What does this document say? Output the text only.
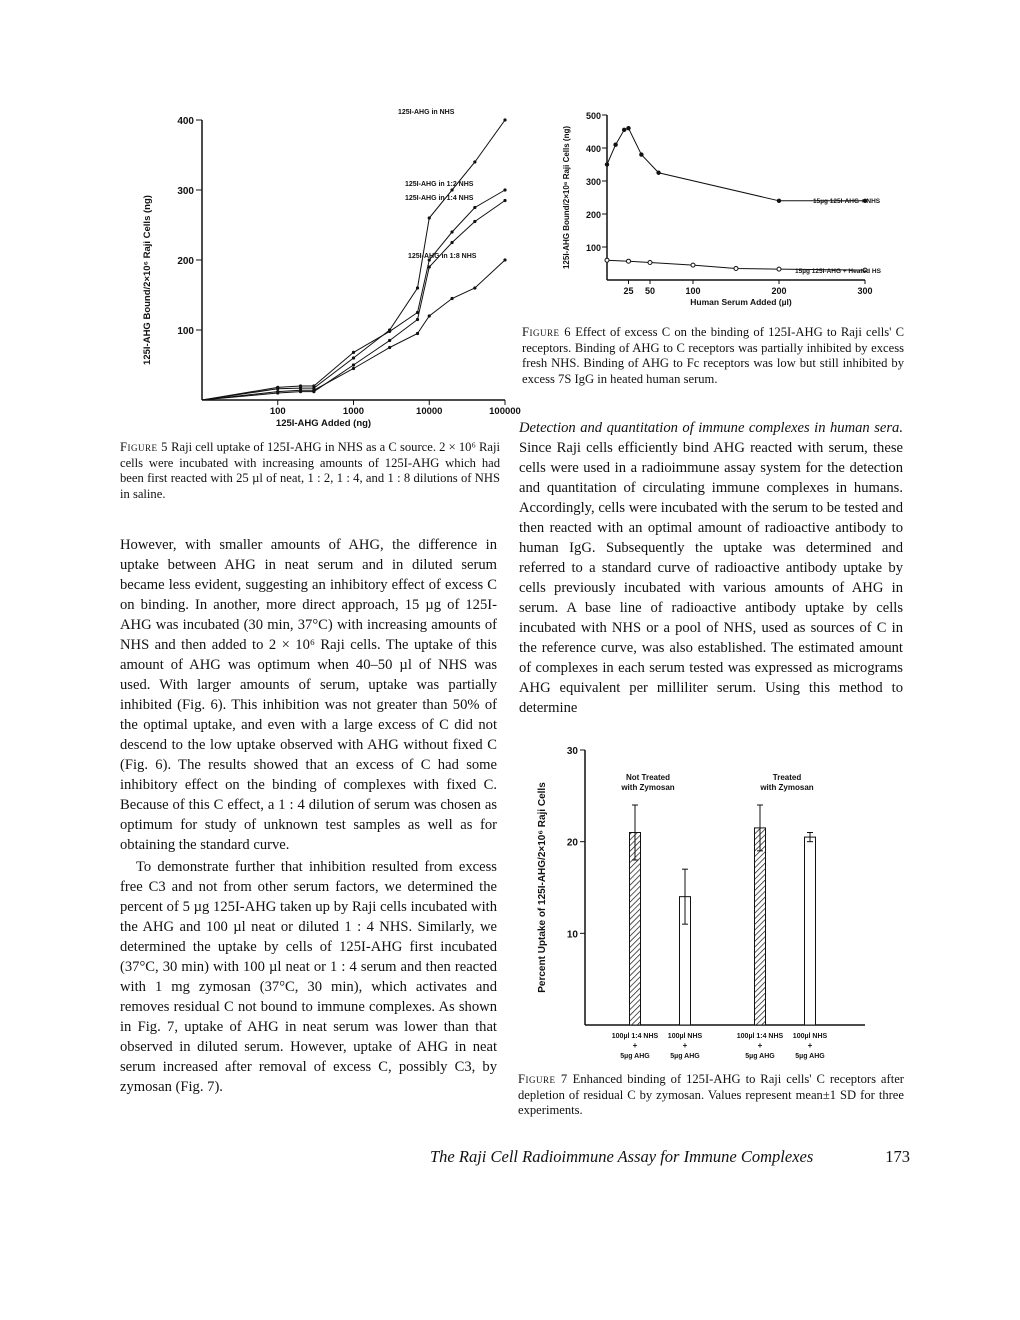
400
300
200
100
100	1000	10000	100000
125I-AHG Added (ng)
125I-AHG Bound/2×10⁶ Raji Cells (ng)
125I-AHG in NHS
125I-AHG in 1:2 NHS
125I-AHG in 1:4 NHS
125I-AHG in 1:8 NHS
Figure 5 Raji cell uptake of 125I-AHG in NHS as a C source. 2 × 10⁶ Raji cells were incubated with increasing amounts of 125I-AHG which had been first reacted with 25 µl of neat, 1 : 2, 1 : 4, and 1 : 8 dilutions of NHS in saline.
500
400
300
200
100
25 50	100	200	300
Human Serum Added (µl)
125I-AHG Bound/2×10⁶ Raji Cells (ng)	15µg 125I-AHG + NHS
15µg 125I-AHG + Heated HS
Figure 6 Effect of excess C on the binding of 125I-AHG to Raji cells' C receptors. Binding of AHG to C receptors was partially inhibited by excess fresh NHS. Binding of AHG to Fc receptors was low but still inhibited by excess 7S IgG in heated human serum.

However, with smaller amounts of AHG, the difference in uptake between AHG in neat serum and in diluted serum became less evident, suggesting an inhibitory effect of excess C on binding. In another, more direct approach, 15 µg of 125I-AHG was incubated (30 min, 37°C) with increasing amounts of NHS and then added to 2 × 10⁶ Raji cells. The uptake of this amount of AHG was optimum when 40–50 µl of NHS was used. With larger amounts of serum, uptake was partially inhibited (Fig. 6). This inhibition was not greater than 50% of the optimal uptake, and even with a large excess of C did not descend to the low uptake observed with AHG without fixed C (Fig. 6). The results showed that an excess of C had some inhibitory effect on the binding of complexes with fixed C. Because of this C effect, a 1 : 4 dilution of serum was chosen as optimum for study of unknown test samples as well as for obtaining the standard curve.

To demonstrate further that inhibition resulted from excess free C3 and not from other serum factors, we determined the percent of 5 µg 125I-AHG taken up by Raji cells incubated with the AHG and 100 µl neat or diluted 1 : 4 NHS. Similarly, we determined the uptake by cells of 125I-AHG first incubated (37°C, 30 min) with 100 µl neat or 1 : 4 serum and then reacted with 1 mg zymosan (37°C, 30 min), which activates and removes residual C not bound to immune complexes. As shown in Fig. 7, uptake of AHG in neat serum was lower than that observed in diluted serum. However, uptake of AHG in neat serum increased after removal of excess C, possibly C3, by zymosan (Fig. 7).

Detection and quantitation of immune complexes in human sera. Since Raji cells efficiently bind AHG reacted with serum, these cells were used in a radioimmune assay system for the detection and quantitation of circulating immune complexes in humans. Accordingly, cells were incubated with the serum to be tested and then reacted with an optimal amount of radioactive antibody to human IgG. Subsequently the uptake was determined and referred to a standard curve of radioactive antibody uptake by cells previously incubated with various amounts of AHG in serum. A base line of radioactive antibody uptake by cells incubated with NHS or a pool of NHS, used as sources of C in the reference curve, was also established. The estimated amount of complexes in each serum tested was expressed as micrograms AHG equivalent per milliliter serum. Using this method to determine

30
20
10
Percent Uptake of 125I-AHG/2×10⁶ Raji Cells
100µl 1:4 NHS
+
5µg AHG
100µl NHS
+
5µg AHG
100µl 1:4 NHS
+
5µg AHG
100µl NHS
+
5µg AHG
Not Treated
with Zymosan
Treated
with Zymosan
Figure 7 Enhanced binding of 125I-AHG to Raji cells' C receptors after depletion of residual C by zymosan. Values represent mean±1 SD for three experiments.
The Raji Cell Radioimmune Assay for Immune Complexes	173
